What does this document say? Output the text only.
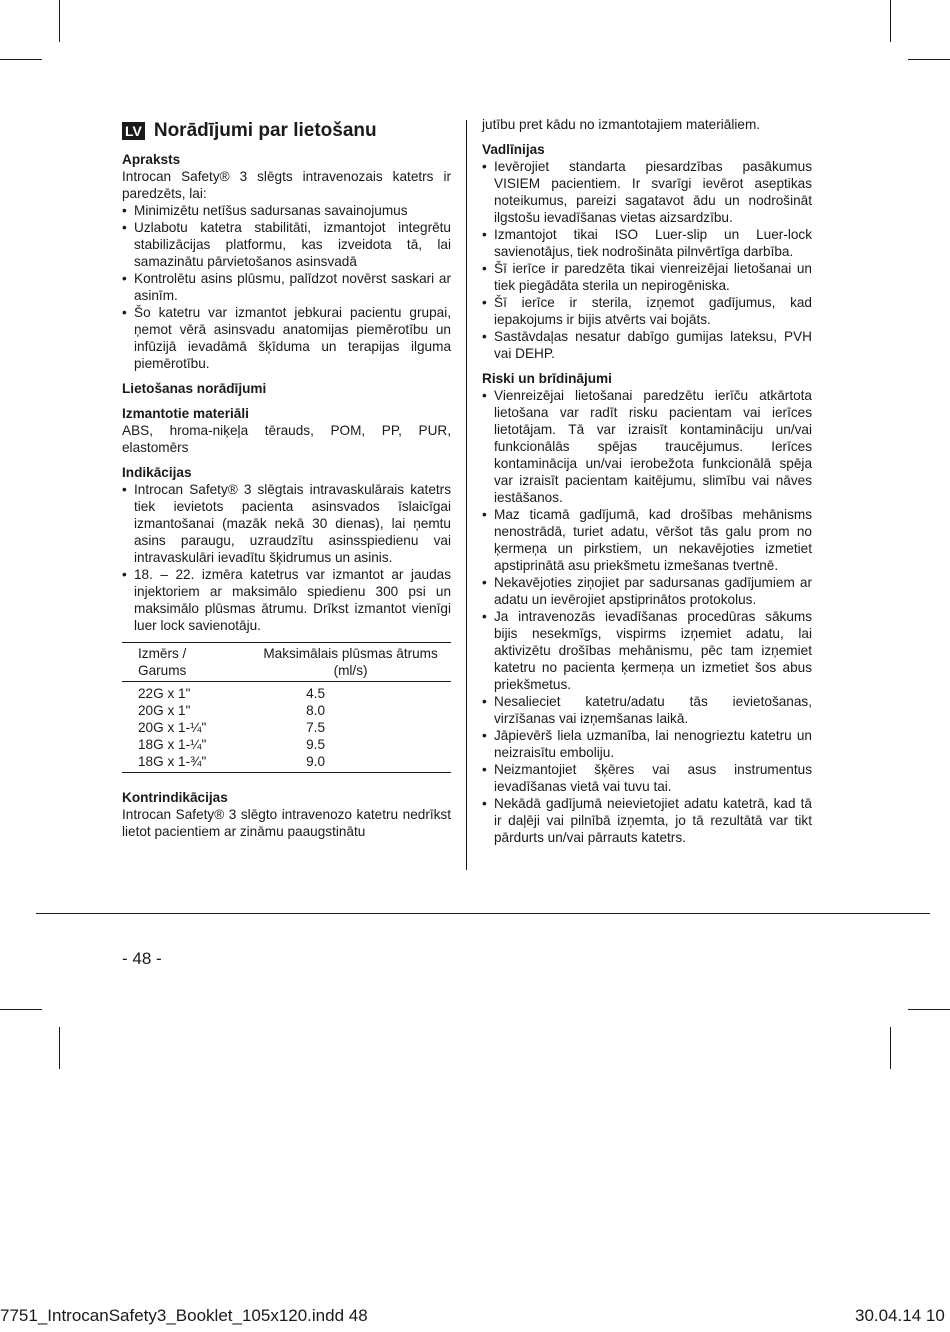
LV Norādījumi par lietošanu
Apraksts

Introcan Safety® 3 slēgts intravenozais katetrs ir paredzēts, lai:

• Minimizētu netīšus sadursanas savainojumus
• Uzlabotu katetra stabilitāti, izmantojot integrētu stabilizācijas platformu, kas izveidota tā, lai samazinātu pārvietošanos asinsvadā
• Kontrolētu asins plūsmu, palīdzot novērst saskari ar asinīm.
• Šo katetru var izmantot jebkurai pacientu grupai, ņemot vērā asinsvadu anatomijas piemērotību un infūzijā ievadāmā šķīduma un terapijas ilguma piemērotību.
Lietošanas norādījumi
Izmantotie materiāli

ABS, hroma-niķeļa tērauds, POM, PP, PUR, elastomērs

Indikācijas
• Introcan Safety® 3 slēgtais intravaskulārais katetrs tiek ievietots pacienta asinsvados īslaicīgai izmantošanai (mazāk nekā 30 dienas), lai ņemtu asins paraugu, uzraudzītu asinsspiedienu vai intravaskulāri ievadītu šķidrumus un asinis.
• 18. – 22. izmēra katetrus var izmantot ar jaudas injektoriem ar maksimālo spiedienu 300 psi un maksimālo plūsmas ātrumu. Drīkst izmantot vienīgi luer lock savienotāju.
Izmērs / Garums	Maksimālais plūsmas ātrums (ml/s)
22G x 1"	4.5
20G x 1"	8.0
20G x 1-¼"	7.5
18G x 1-¼"	9.5
18G x 1-¾"	9.0
Kontrindikācijas

Introcan Safety® 3 slēgto intravenozo katetru nedrīkst lietot pacientiem ar zināmu paaugstinātu

jutību pret kādu no izmantotajiem materiāliem.

Vadlīnijas
• Ievērojiet standarta piesardzības pasākumus VISIEM pacientiem. Ir svarīgi ievērot aseptikas noteikumus, pareizi sagatavot ādu un nodrošināt ilgstošu ievadīšanas vietas aizsardzību.
• Izmantojot tikai ISO Luer-slip un Luer-lock savienotājus, tiek nodrošināta pilnvērtīga darbība.
• Šī ierīce ir paredzēta tikai vienreizējai lietošanai un tiek piegādāta sterila un nepirogēniska.
• Šī ierīce ir sterila, izņemot gadījumus, kad iepakojums ir bijis atvērts vai bojāts.
• Sastāvdaļas nesatur dabīgo gumijas lateksu, PVH vai DEHP.
Riski un brīdinājumi
• Vienreizējai lietošanai paredzētu ierīču atkārtota lietošana var radīt risku pacientam vai ierīces lietotājam. Tā var izraisīt kontamināciju un/vai funkcionālās spējas traucējumus. Ierīces kontaminācija un/vai ierobežota funkcionālā spēja var izraisīt pacientam kaitējumu, slimību vai nāves iestāšanos.
• Maz ticamā gadījumā, kad drošības mehānisms nenostrādā, turiet adatu, vēršot tās galu prom no ķermeņa un pirkstiem, un nekavējoties izmetiet apstiprinātā asu priekšmetu izmešanas tvertnē.
• Nekavējoties ziņojiet par sadursanas gadījumiem ar adatu un ievērojiet apstiprinātos protokolus.
• Ja intravenozās ievadīšanas procedūras sākums bijis nesekmīgs, vispirms izņemiet adatu, lai aktivizētu drošības mehānismu, pēc tam izņemiet katetru no pacienta ķermeņa un izmetiet šos abus priekšmetus.
• Nesalieciet katetru/adatu tās ievietošanas, virzīšanas vai izņemšanas laikā.
• Jāpievērš liela uzmanība, lai nenogrieztu katetru un neizraisītu emboliju.
• Neizmantojiet šķēres vai asus instrumentus ievadīšanas vietā vai tuvu tai.
• Nekādā gadījumā neievietojiet adatu katetrā, kad tā ir daļēji vai pilnībā izņemta, jo tā rezultātā var tikt pārdurts un/vai pārrauts katetrs.
- 48 -
7751_IntrocanSafety3_Booklet_105x120.indd 48	30.04.14 10
